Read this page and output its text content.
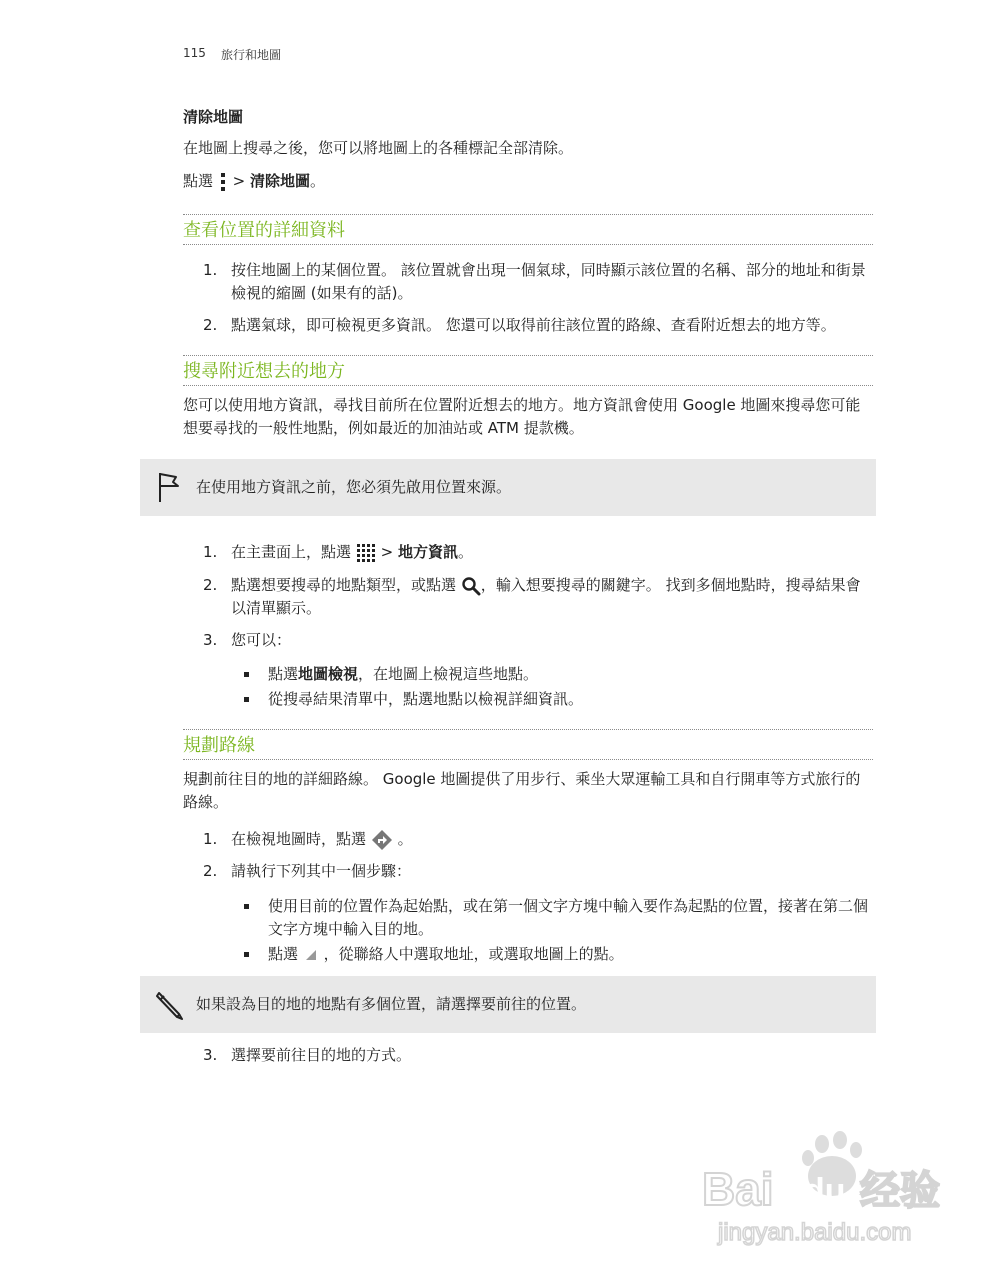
115 旅行和地圖
清除地圖
在地圖上搜尋之後，您可以將地圖上的各種標記全部清除。
點選 > 清除地圖。
查看位置的詳細資料
1. 按住地圖上的某個位置。 該位置就會出現一個氣球，同時顯示該位置的名稱、部分的地址和街景檢視的縮圖 (如果有的話)。
2. 點選氣球，即可檢視更多資訊。 您還可以取得前往該位置的路線、查看附近想去的地方等。
搜尋附近想去的地方
您可以使用地方資訊，尋找目前所在位置附近想去的地方。地方資訊會使用 Google 地圖來搜尋您可能想要尋找的一般性地點，例如最近的加油站或 ATM 提款機。
在使用地方資訊之前，您必須先啟用位置來源。
1. 在主畫面上，點選 > 地方資訊。
2. 點選想要搜尋的地點類型，或點選 ，輸入想要搜尋的關鍵字。 找到多個地點時，搜尋結果會以清單顯示。
3. 您可以：
點選地圖檢視，在地圖上檢視這些地點。
從搜尋結果清單中，點選地點以檢視詳細資訊。
規劃路線
規劃前往目的地的詳細路線。 Google 地圖提供了用步行、乘坐大眾運輸工具和自行開車等方式旅行的路線。
1. 在檢視地圖時，點選 。
2. 請執行下列其中一個步驟：
使用目前的位置作為起始點，或在第一個文字方塊中輸入要作為起點的位置，接著在第二個文字方塊中輸入目的地。
點選 ，從聯絡人中選取地址，或選取地圖上的點。
如果設為目的地的地點有多個位置，請選擇要前往的位置。
3. 選擇要前往目的地的方式。
Bai du 经验
jingyan.baidu.com
